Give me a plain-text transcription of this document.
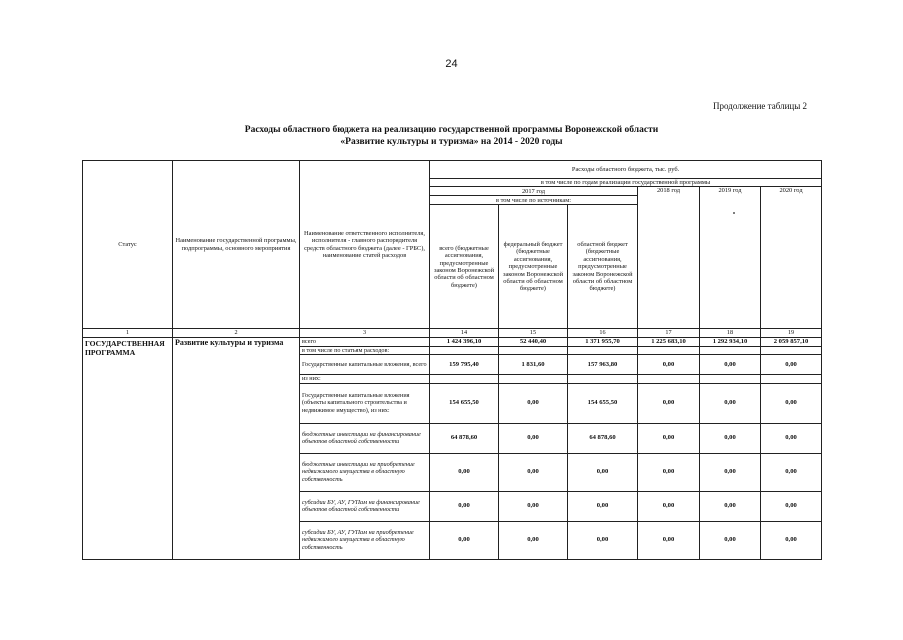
24
Продолжение таблицы 2
Расходы областного бюджета на реализацию государственной программы Воронежской области
«Развитие культуры и туризма» на 2014 - 2020 годы
Статус	Наименование государственной программы, подпрограммы, основного мероприятия	Наименование ответственного исполнителя, исполнителя - главного распорядителя средств областного бюджета (далее - ГРБС), наименование статей расходов	Расходы областного бюджета, тыс. руб.					
			в том числе по годам реализации государственной программы					
			2017 год			2018 год	2019 год	2020 год
			в том числе по источникам:					
			всего (бюджетные ассигнования, предусмотренные законом Воронежской области об областном бюджете)	федеральный бюджет (бюджетные ассигнования, предусмотренные законом Воронежской области об областном бюджете)	областной бюджет (бюджетные ассигнования, предусмотренные законом Воронежской области об областном бюджете)			
1	2	3	14	15	16	17	18	19
ГОСУДАРСТВЕННАЯ ПРОГРАММА	Развитие культуры и туризма	всего	1 424 396,10	52 440,40	1 371 955,70	1 225 683,10	1 292 934,10	2 059 857,10
		в том числе по статьям расходов:						
		Государственные капитальные вложения, всего	159 795,40	1 831,60	157 963,80	0,00	0,00	0,00
		из них:						
		Государственные капитальные вложения (объекты капитального строительства и недвижимое имущество), из них:	154 655,50	0,00	154 655,50	0,00	0,00	0,00
		бюджетные инвестиции на финансирование объектов областной собственности	64 878,60	0,00	64 878,60	0,00	0,00	0,00
		бюджетные инвестиции на приобретение недвижимого имущества в областную собственность	0,00	0,00	0,00	0,00	0,00	0,00
		субсидии БУ, АУ, ГУПам на финансирование объектов областной собственности	0,00	0,00	0,00	0,00	0,00	0,00
		субсидии БУ, АУ, ГУПам на приобретение недвижимого имущества в областную собственность	0,00	0,00	0,00	0,00	0,00	0,00
